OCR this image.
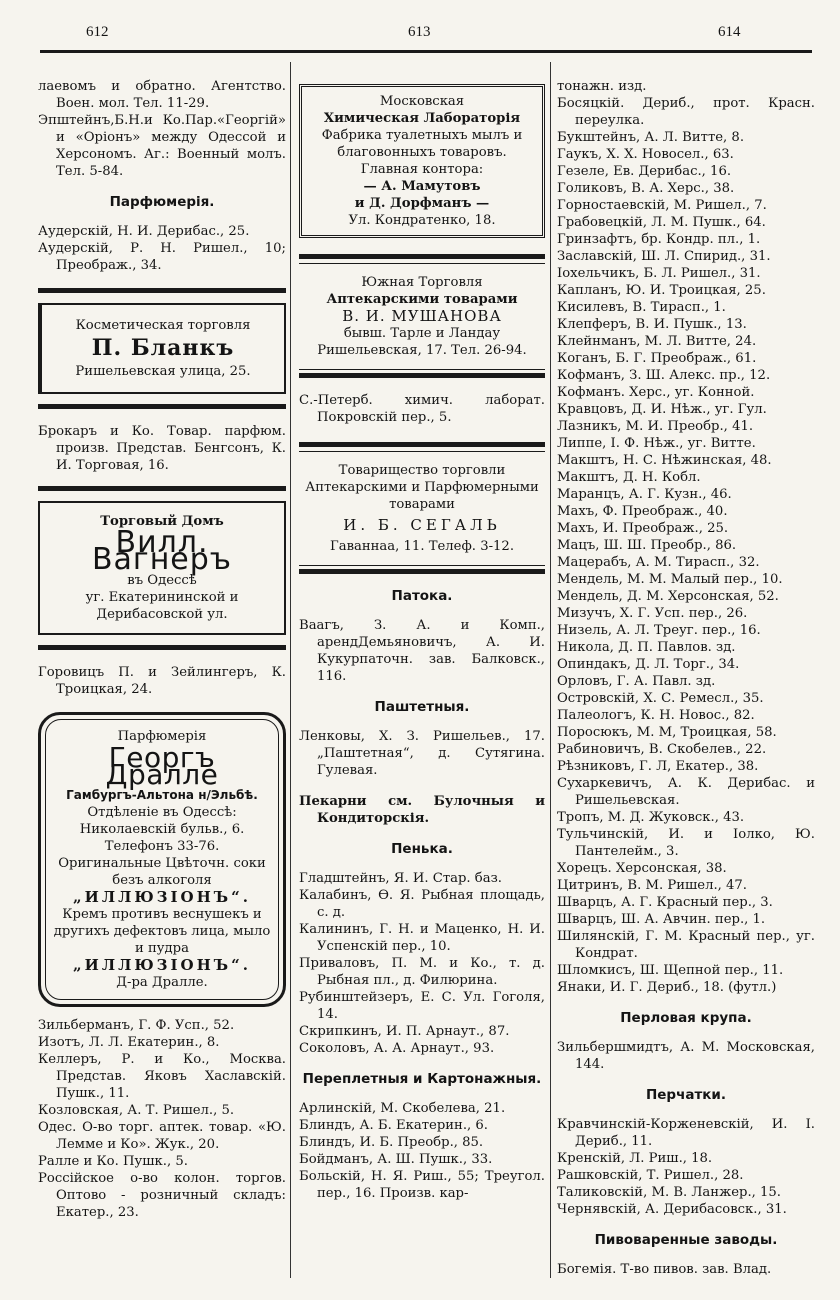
612	613	614

лаевомъ и обратно. Агентство. Воен. мол. Тел. 11-29.

Эпштейнъ,Б.Н.и Ко.Пар.«Георгій» и «Оріонъ» между Одессой и Херсономъ. Аг.: Военный молъ. Тел. 5-84.

Парфюмерія.

Аудерскій, Н. И. Дерибас., 25.

Аудерскій, Р. Н. Ришел., 10; Преображ., 34.

Косметическая торговля
П. Бланкъ
Ришельевская улица, 25.

Брокаръ и Ко. Товар. парфюм. произв. Представ. Бенгсонъ, К. И. Торговая, 16.

Торговый Домъ
Вилл. Вагнеръ
въ Одессѣ
уг. Екатерининской и Дерибасовской ул.

Горовицъ П. и Зейлингеръ, К. Троицкая, 24.

Парфюмерія
Георгъ Дралле
Гамбургъ-Альтона н/Эльбѣ.
Отдѣленіе въ Одессѣ:
Николаевскій бульв., 6.
Телефонъ 33-76.
Оригинальные Цвѣточн. соки безъ алкоголя
„ИЛЛЮЗІОНЪ“.
Кремъ противъ веснушекъ и другихъ дефектовъ лица, мыло и пудра
„ИЛЛЮЗІОНЪ“.
Д-ра Дралле.

Зильберманъ, Г. Ф. Усп., 52.

Изотъ, Л. Л. Екатерин., 8.

Келлеръ, Р. и Ко., Москва. Представ. Яковъ Хаславскій. Пушк., 11.

Козловская, А. Т. Ришел., 5.

Одес. О-во торг. аптек. товар. «Ю. Лемме и Ко». Жук., 20.

Ралле и Ко. Пушк., 5.

Россійское о-во колон. торгов. Оптово - розничный складъ: Екатер., 23.

Московская
Химическая Лабораторія
Фабрика туалетныхъ мылъ и благовонныхъ товаровъ.
Главная контора:
— А. Мамутовъ
и Д. Дорфманъ —
Ул. Кондратенко, 18.
Южная Торговля
Аптекарскими товарами
В. И. МУШАНОВА
бывш. Тарле и Ландау
Ришельевская, 17. Тел. 26-94.

С.-Петерб. химич. лаборат. Покровскій пер., 5.

Товарищество торговли
Аптекарскими и Парфюмерными товарами
И. Б. СЕГАЛЬ
Гаваннаа, 11. Телеф. 3-12.
Патока.

Ваагъ, З. А. и Комп., арендДемьяновичъ, А. И. Кукурпаточн. зав. Балковск., 116.

Паштетныя.

Ленковы, Х. З. Ришельев., 17. „Паштетная“, д. Сутягина. Гулевая.

Пекарни см. Булочныя и Кондиторскія.

Пенька.

Гладштейнъ, Я. И. Стар. баз.

Калабинъ, Ѳ. Я. Рыбная площадь, с. д.

Калининъ, Г. Н. и Маценко, Н. И. Успенскій пер., 10.

Приваловъ, П. М. и Ко., т. д. Рыбная пл., д. Филюрина.

Рубинштейзеръ, Е. С. Ул. Гоголя, 14.

Скрипкинъ, И. П. Арнаут., 87.

Соколовъ, А. А. Арнаут., 93.

Переплетныя и Картонажныя.

Арлинскій, М. Скобелева, 21.

Блиндъ, А. Б. Екатерин., 6.

Блиндъ, И. Б. Преобр., 85.

Бойдманъ, А. Ш. Пушк., 33.

Больскій, Н. Я. Риш., 55; Треугол. пер., 16. Произв. кар-

тонажн. изд.

Босяцкій. Дериб., прот. Красн. переулка.

Букштейнъ, А. Л. Витте, 8.

Гаукъ, Х. Х. Новосел., 63.

Гезеле, Ев. Дерибас., 16.

Голиковъ, В. А. Херс., 38.

Горностаевскій, М. Ришел., 7.

Грабовецкій, Л. М. Пушк., 64.

Гринзафтъ, бр. Кондр. пл., 1.

Заславскій, Ш. Л. Спирид., 31.

Іохельчикъ, Б. Л. Ришел., 31.

Капланъ, Ю. И. Троицкая, 25.

Кисилевъ, В. Тирасп., 1.

Клепферъ, В. И. Пушк., 13.

Клейнманъ, М. Л. Витте, 24.

Коганъ, Б. Г. Преображ., 61.

Кофманъ, З. Ш. Алекс. пр., 12.

Кофманъ. Херс., уг. Конной.

Кравцовъ, Д. И. Нѣж., уг. Гул.

Лазникъ, М. И. Преобр., 41.

Липпе, I. Ф. Нѣж., уг. Витте.

Макштъ, Н. С. Нѣжинская, 48.

Макштъ, Д. Н. Кобл.

Маранцъ, А. Г. Кузн., 46.

Махъ, Ф. Преображ., 40.

Махъ, И. Преображ., 25.

Мацъ, Ш. Ш. Преобр., 86.

Мацерабъ, А. М. Тирасп., 32.

Мендель, М. М. Малый пер., 10.

Мендель, Д. М. Херсонская, 52.

Мизучъ, Х. Г. Усп. пер., 26.

Низель, А. Л. Треуг. пер., 16.

Никола, Д. П. Павлов. зд.

Опиндакъ, Д. Л. Торг., 34.

Орловъ, Г. А. Павл. зд.

Островскій, Х. С. Ремесл., 35.

Палеологъ, К. Н. Новос., 82.

Поросюкъ, М. М, Троицкая, 58.

Рабиновичъ, В. Скобелев., 22.

Рѣзниковъ, Г. Л, Екатер., 38.

Сухаркевичъ, А. К. Дерибас. и Ришельевская.

Тропъ, М. Д. Жуковск., 43.

Тульчинскій, И. и Іолко, Ю. Пантелейм., 3.

Хорецъ. Херсонская, 38.

Цитринъ, В. М. Ришел., 47.

Шварцъ, А. Г. Красный пер., 3.

Шварцъ, Ш. А. Авчин. пер., 1.

Шилянскій, Г. М. Красный пер., уг. Кондрат.

Шломкисъ, Ш. Щепной пер., 11.

Янаки, И. Г. Дериб., 18. (футл.)

Перловая крупа.

Зильбершмидтъ, А. М. Московская, 144.

Перчатки.

Кравчинскій-Корженевскій, И. I. Дериб., 11.

Кренскій, Л. Риш., 18.

Рашковскій, Т. Ришел., 28.

Таликовскій, М. В. Ланжер., 15.

Чернявскій, А. Дерибасовск., 31.

Пивоваренные заводы.

Богемія. Т-во пивов. зав. Влад.
